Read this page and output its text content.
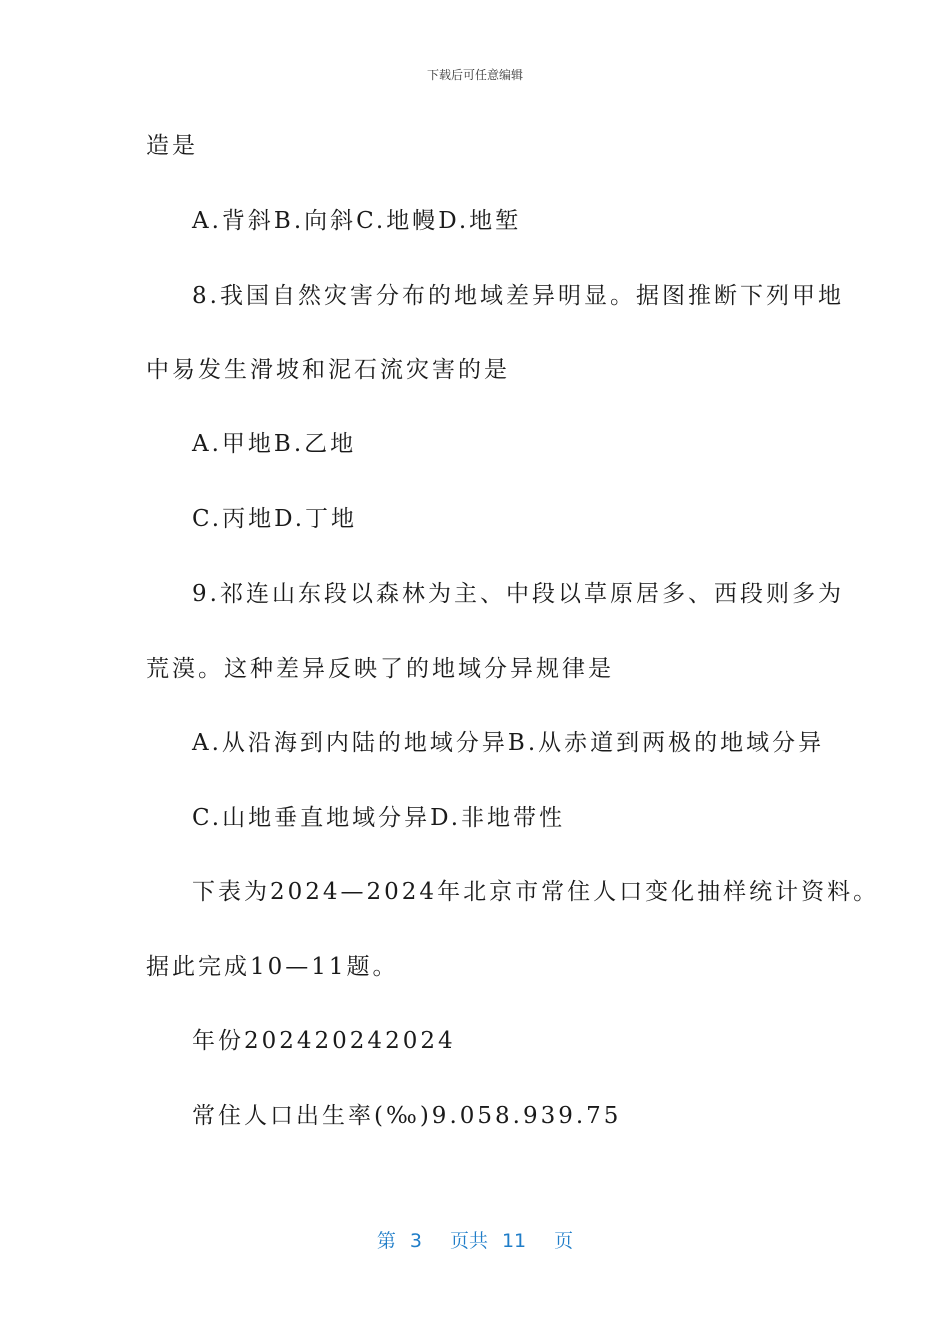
下载后可任意编辑
造是
A.背斜B.向斜C.地幔D.地堑
8.我国自然灾害分布的地域差异明显。据图推断下列甲地
中易发生滑坡和泥石流灾害的是
A.甲地B.乙地
C.丙地D.丁地
9.祁连山东段以森林为主、中段以草原居多、西段则多为
荒漠。这种差异反映了的地域分异规律是
A.从沿海到内陆的地域分异B.从赤道到两极的地域分异
C.山地垂直地域分异D.非地带性
下表为2024—2024年北京市常住人口变化抽样统计资料。
据此完成10—11题。
年份202420242024
常住人口出生率(‰)9.058.939.75
第 3 页共 11 页
